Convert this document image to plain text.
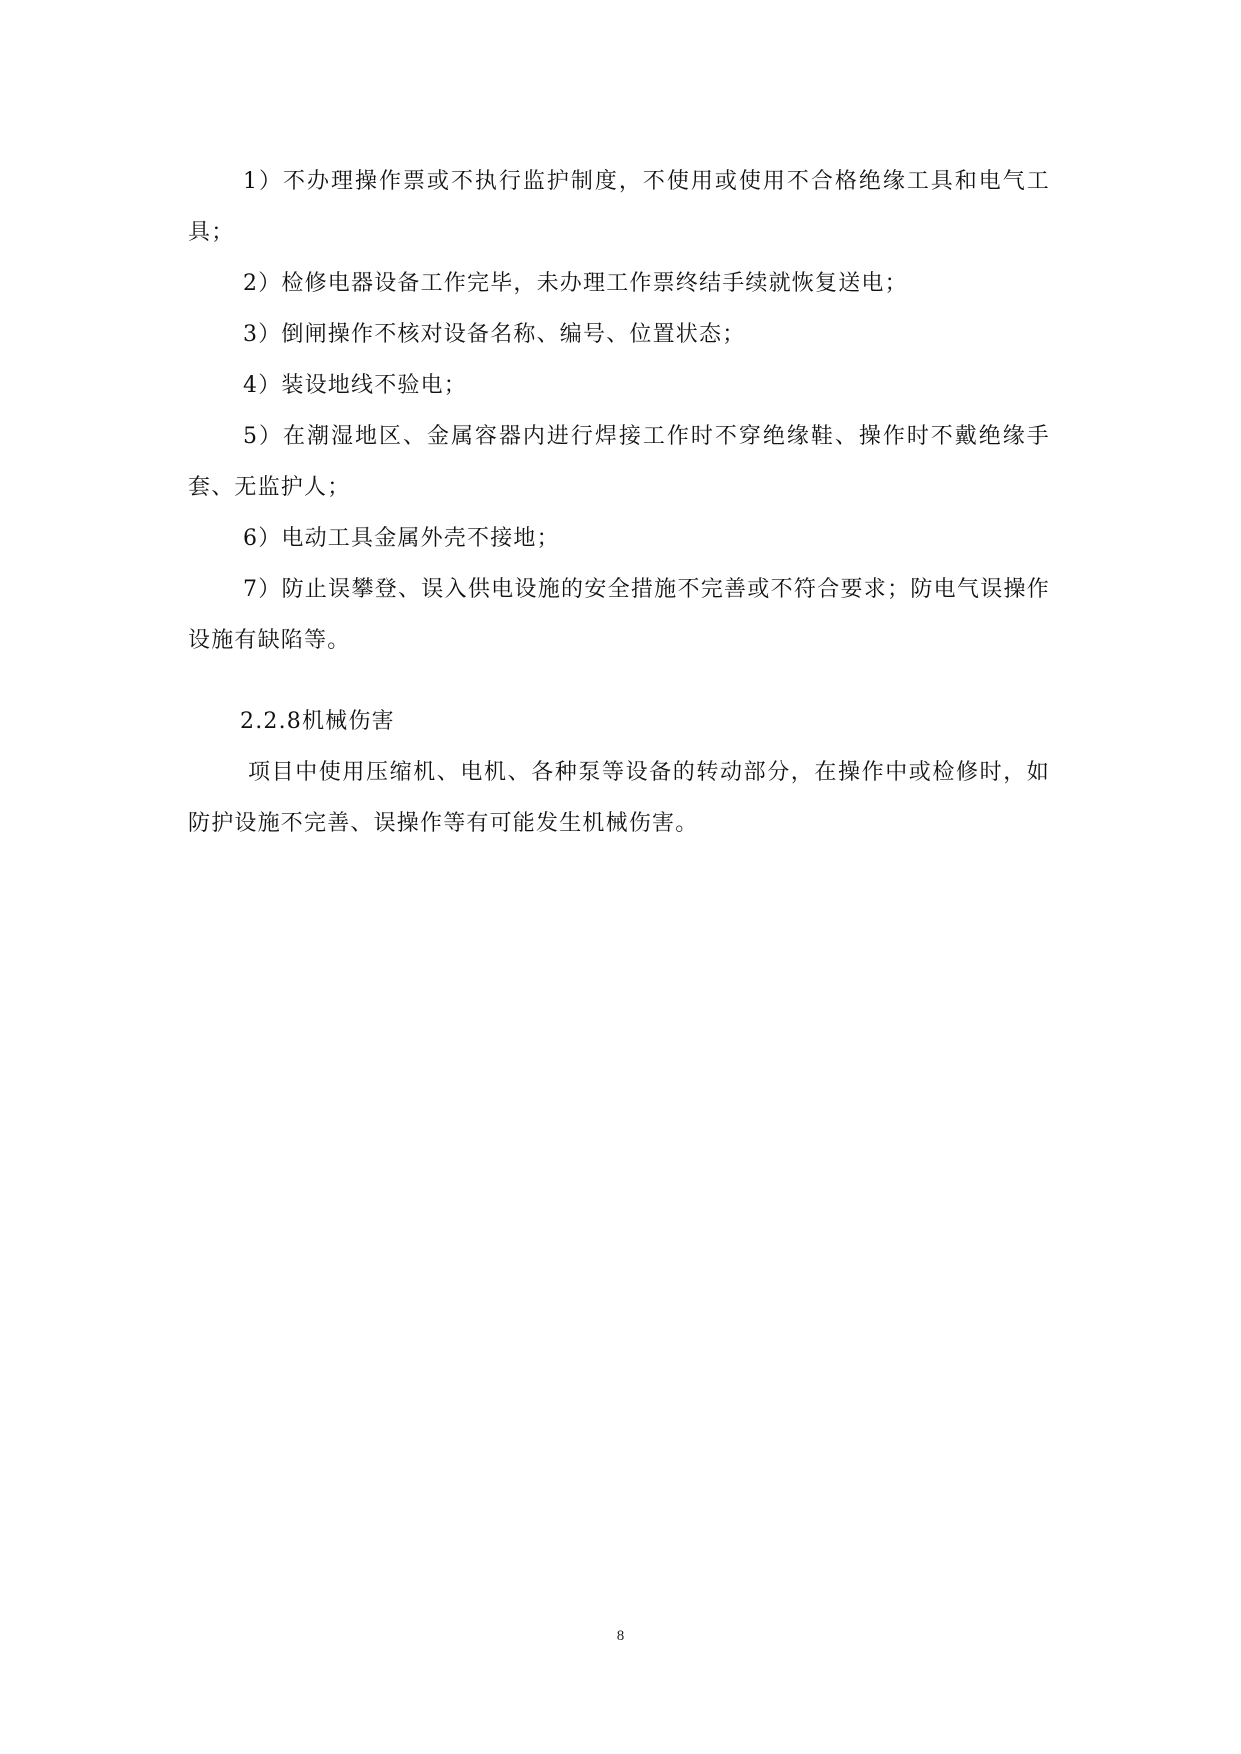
1）不办理操作票或不执行监护制度，不使用或使用不合格绝缘工具和电气工具；

2）检修电器设备工作完毕，未办理工作票终结手续就恢复送电；

3）倒闸操作不核对设备名称、编号、位置状态；

4）装设地线不验电；

5）在潮湿地区、金属容器内进行焊接工作时不穿绝缘鞋、操作时不戴绝缘手套、无监护人；

6）电动工具金属外壳不接地；

7）防止误攀登、误入供电设施的安全措施不完善或不符合要求；防电气误操作设施有缺陷等。

2.2.8机械伤害

项目中使用压缩机、电机、各种泵等设备的转动部分，在操作中或检修时，如防护设施不完善、误操作等有可能发生机械伤害。

8
